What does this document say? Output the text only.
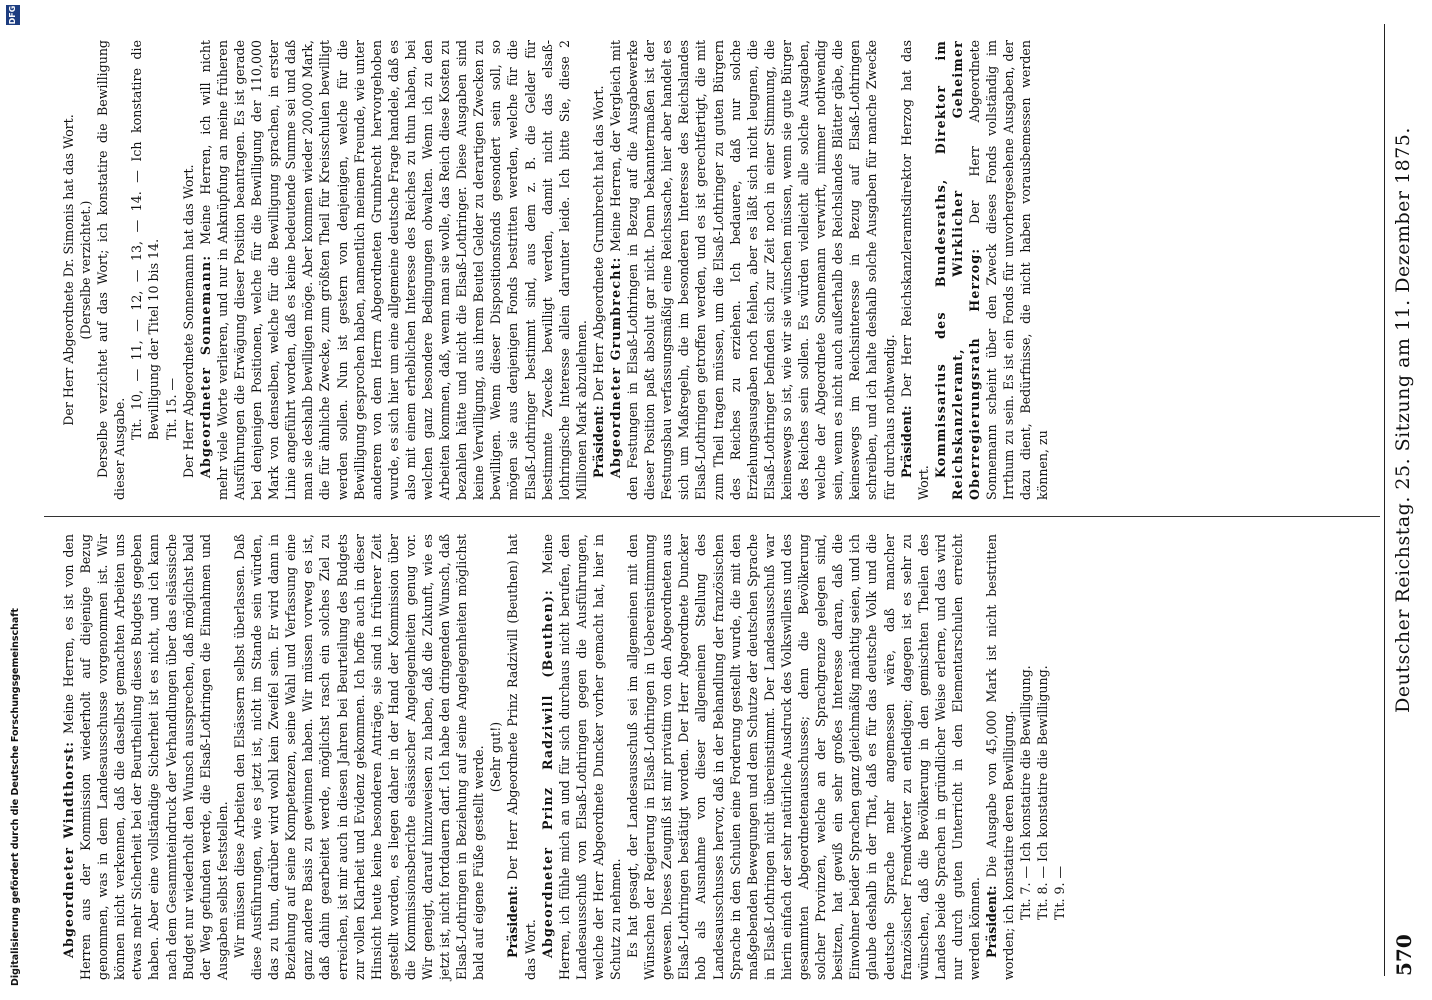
570
Deutscher Reichstag. 25. Sitzung am 11. Dezember 1875.

Abgeordneter Windthorst: Meine Herren, es ist von den Herren aus der Kommission wiederholt auf diejenige Bezug genommen, was in dem Landesausschusse vorgenommen ist. Wir können nicht verkennen, daß die daselbst gemachten Arbeiten uns etwas mehr Sicherheit bei der Beurtheilung dieses Budgets gegeben haben. Aber eine vollständige Sicherheit ist es nicht, und ich kann nach dem Gesammteindruck der Verhandlungen über das elsässische Budget nur wiederholt den Wunsch aussprechen, daß möglichst bald der Weg gefunden werde, die Elsaß-Lothringen die Einnahmen und Ausgaben selbst feststellen. Wir müssen diese Arbeiten den Elsässern selbst überlassen. Daß diese Ausführungen, wie es jetzt ist, nicht im Stande sein würden, das zu thun, darüber wird wohl kein Zweifel sein. Er wird dann in Beziehung auf seine Kompetenzen, seine Wahl und Verfassung eine ganz andere Basis zu gewinnen haben. Wir müssen vorweg es ist, daß dahin gearbeitet werde, möglichst rasch ein solches Ziel zu erreichen, ist mir auch in diesen Jahren bei Beurteilung des Budgets zur vollen Klarheit und Evidenz gekommen. Ich hoffe auch in dieser Hinsicht heute keine besonderen Anträge, sie sind in früherer Zeit gestellt worden, es liegen daher in der Hand der Kommission über die Kommissionsberichte elsässischer Angelegenheiten genug vor. Wir geneigt, darauf hinzuweisen zu haben, daß die Zukunft, wie es jetzt ist, nicht fortdauern darf. Ich habe den dringenden Wunsch, daß Elsaß-Lothringen in Beziehung auf seine Angelegenheiten möglichst bald auf eigene Füße gestellt werde. (Sehr gut!)

Präsident: Der Herr Abgeordnete Prinz Radziwill (Beuthen) hat das Wort. Abgeordneter Prinz Radziwill (Beuthen): Meine Herren, ich fühle mich an und für sich durchaus nicht berufen, den Landesausschuß von Elsaß-Lothringen gegen die Ausführungen, welche der Herr Abgeordnete Duncker vorher gemacht hat, hier in Schutz zu nehmen. Es hat gesagt, der Landesausschuß sei im allgemeinen mit den Wünschen der Regierung in Elsaß-Lothringen in Uebereinstimmung gewesen. Dieses Zeugniß ist mir privatim von den Abgeordneten aus Elsaß-Lothringen bestätigt worden. Der Herr Abgeordnete Duncker hob als Ausnahme von dieser allgemeinen Stellung des Landesausschusses hervor, daß in der Behandlung der französischen Sprache in den Schulen eine Forderung gestellt wurde, die mit den maßgebenden Bewegungen und dem Schutze der deutschen Sprache in Elsaß-Lothringen nicht übereinstimmt. Der Landesausschuß war hierin einfach der sehr natürliche Ausdruck des Volkswillens und des gesammten Abgeordnetenausschusses; denn die Bevölkerung solcher Provinzen, welche an der Sprachgrenze gelegen sind, besitzen, hat gewiß ein sehr großes Interesse daran, daß die Einwohner beider Sprachen ganz gleichmäßig mächtig seien, und ich glaube deshalb in der That, daß es für das deutsche Volk und die deutsche Sprache mehr angemessen wäre, daß mancher französischer Fremdwörter zu entledigen; dagegen ist es sehr zu wünschen, daß die Bevölkerung in den gemischten Theilen des Landes beide Sprachen in gründlicher Weise erlerne, und das wird nur durch guten Unterricht in den Elementarschulen erreicht werden können. Präsident: Die Ausgabe von 45,000 Mark ist nicht bestritten worden; ich konstatire deren Bewilligung. Tit. 7. — Ich konstatire die Bewilligung. Tit. 8. — Ich konstatire die Bewilligung. Tit. 9. —

Der Herr Abgeordnete Dr. Simonis hat das Wort. (Derselbe verzichtet.) Derselbe verzichtet auf das Wort; ich konstatire die Bewilligung dieser Ausgabe.

Tit. 10, — 11, — 12, — 13, — 14. — Ich konstatire die Bewilligung der Titel 10 bis 14. Tit. 15. — Der Herr Abgeordnete Sonnemann hat das Wort. Abgeordneter Sonnemann: Meine Herren, ich will nicht mehr viele Worte verlieren, und nur in Anknüpfung an meine früheren Ausführungen die Erwägung dieser Position beantragen. Es ist gerade bei denjenigen Positionen, welche für die Bewilligung der 110,000 Mark von denselben, welche für die Bewilligung sprachen, in erster Linie angeführt worden, daß es keine bedeutende Summe sei und daß man sie deshalb bewilligen möge. Aber kommen wieder 200,000 Mark, die für ähnliche Zwecke, zum größten Theil für Kreisschulen bewilligt werden sollen. Nun ist gestern von denjenigen, welche für die Bewilligung gesprochen haben, namentlich meinem Freunde, wie unter anderem von dem Herrn Abgeordneten Grumbrecht hervorgehoben wurde, es sich hier um eine allgemeine deutsche Frage handele, daß es also mit einem erheblichen Interesse des Reiches zu thun haben, bei welchen ganz besondere Bedingungen obwalten. Wenn ich zu den Arbeiten kommen, daß, wenn man sie wolle, das Reich diese Kosten zu bezahlen hätte und nicht die Elsaß-Lothringer. Diese Ausgaben sind keine Verwilligung, aus ihrem Beutel Gelder zu derartigen Zwecken zu bewilligen. Wenn dieser Dispositionsfonds gesondert sein soll, so mögen sie aus denjenigen Fonds bestritten werden, welche für die Elsaß-Lothringer bestimmt sind, aus dem z. B. die Gelder für bestimmte Zwecke bewilligt werden, damit nicht das elsaß-lothringische Interesse allein darunter leide. Ich bitte Sie, diese 2 Millionen Mark abzulehnen. Präsident: Der Herr Abgeordnete Grumbrecht hat das Wort. Abgeordneter Grumbrecht: Meine Herren, der Vergleich mit den Festungen in Elsaß-Lothringen in Bezug auf die Ausgabewerke dieser Position paßt absolut gar nicht. Denn bekanntermaßen ist der Festungsbau verfassungsmäßig eine Reichssache, hier aber handelt es sich um Maßregeln, die im besonderen Interesse des Reichslandes Elsaß-Lothringen getroffen werden, und es ist gerechtfertigt, die mit zum Theil tragen müssen, um die Elsaß-Lothringer zu guten Bürgern des Reiches zu erziehen. Ich bedauere, daß nur solche Erziehungsausgaben noch fehlen, aber es läßt sich nicht leugnen, die Elsaß-Lothringer befinden sich zur Zeit noch in einer Stimmung, die keineswegs so ist, wie wir sie wünschen müssen, wenn sie gute Bürger des Reiches sein sollen. Es würden vielleicht alle solche Ausgaben, welche der Abgeordnete Sonnemann verwirft, nimmer nothwendig sein, wenn es nicht auch außerhalb des Reichslandes Blätter gäbe, die keineswegs im Reichsinteresse in Bezug auf Elsaß-Lothringen schreiben, und ich halte deshalb solche Ausgaben für manche Zwecke für durchaus nothwendig. Präsident: Der Herr Reichskanzleramtsdirektor Herzog hat das Wort.

Kommissarius des Bundesraths, Direktor im Reichskanzleramt, Wirklicher Geheimer Oberregierungsrath Herzog: Der Herr Abgeordnete Sonnemann scheint über den Zweck dieses Fonds vollständig im Irrthum zu sein. Es ist ein Fonds für unvorhergesehene Ausgaben, der dazu dient, Bedürfnisse, die nicht haben vorausbemessen werden können, zu

Digitalisierung gefördert durch die Deutsche Forschungsgemeinschaft
DFG
